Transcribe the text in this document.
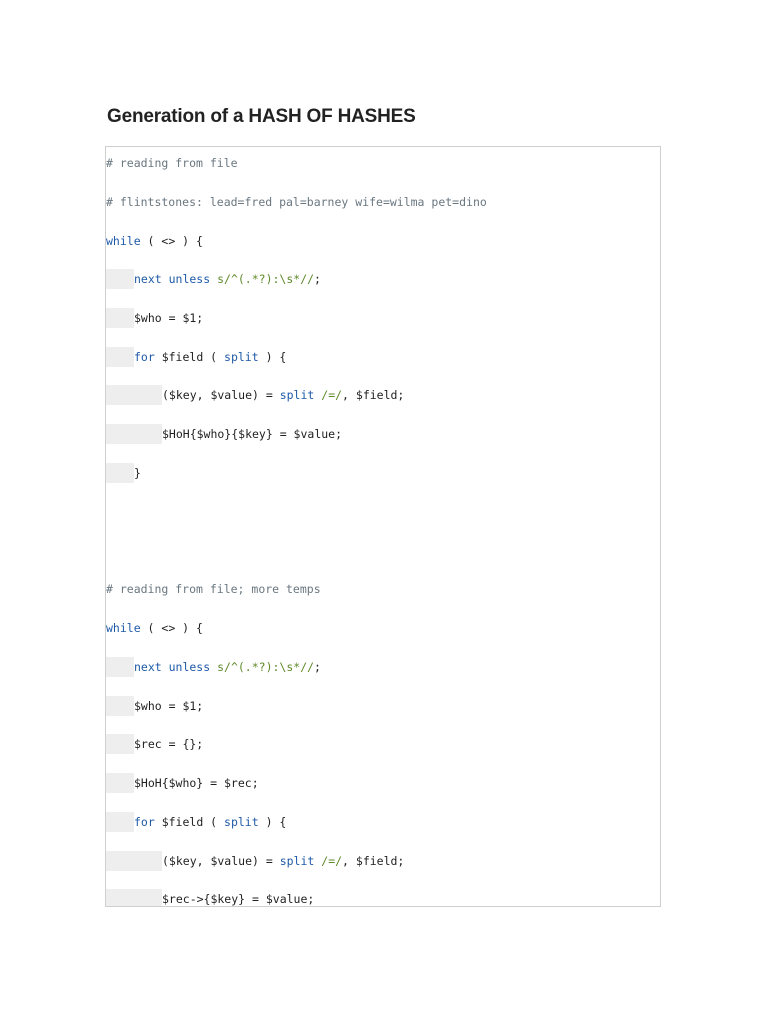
Generation of a HASH OF HASHES
# reading from file
# flintstones: lead=fred pal=barney wife=wilma pet=dino
while ( <> ) {
next unless s/^(.*?):\s*//;
$who = $1;
for $field ( split ) {
($key, $value) = split /=/, $field;
$HoH{$who}{$key} = $value;
}
# reading from file; more temps
while ( <> ) {
next unless s/^(.*?):\s*//;
$who = $1;
$rec = {};
$HoH{$who} = $rec;
for $field ( split ) {
($key, $value) = split /=/, $field;
$rec->{$key} = $value;
